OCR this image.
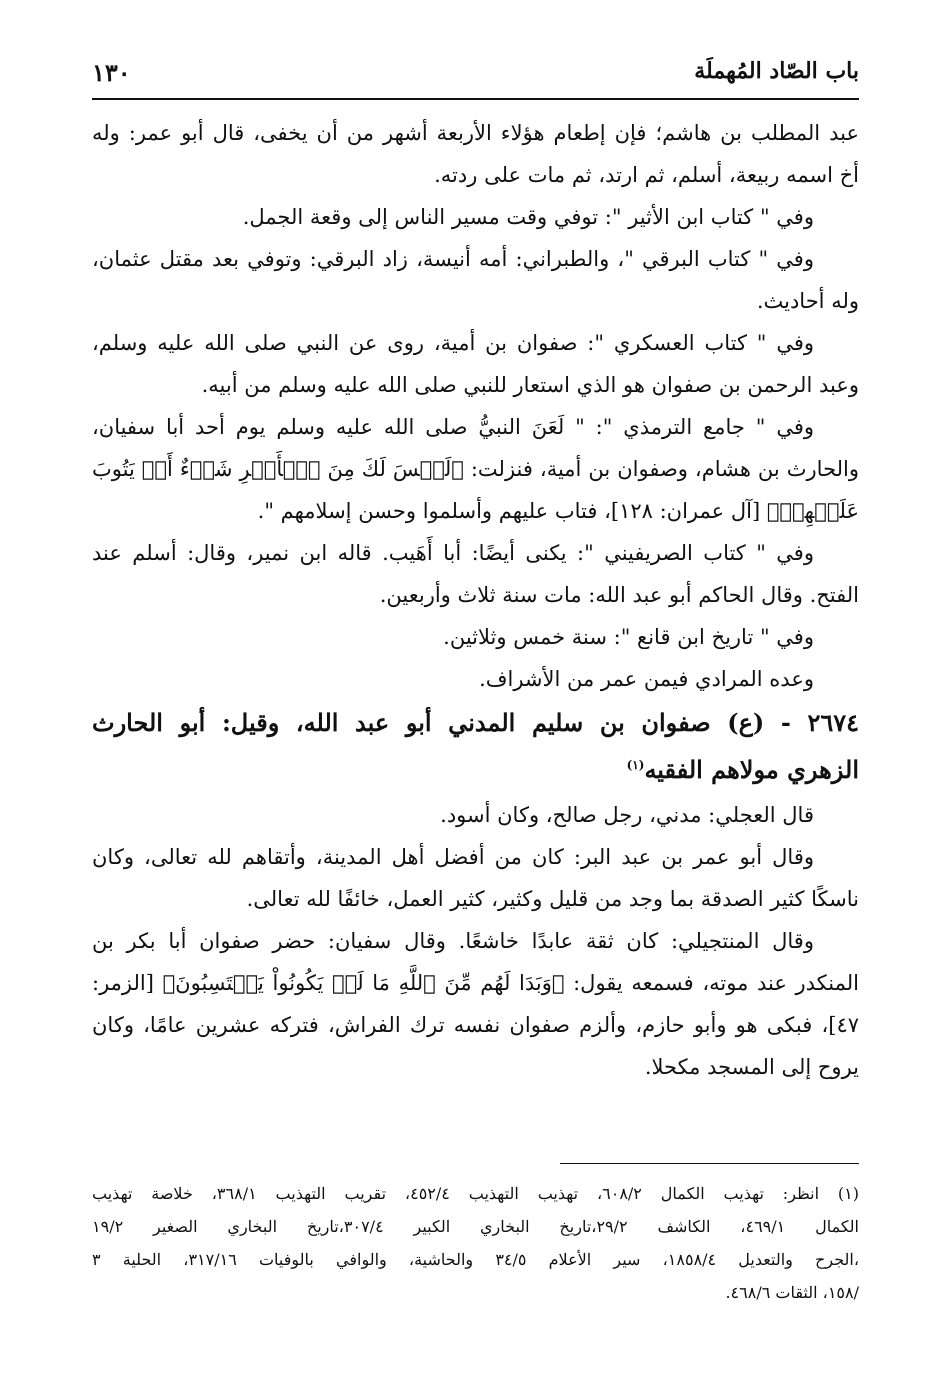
باب الصّاد المُهملَة
١٣٠
عبد المطلب بن هاشم؛ فإن إطعام هؤلاء الأربعة أشهر من أن يخفى، قال أبو عمر: وله
أخ اسمه ربيعة، أسلم، ثم ارتد، ثم مات على ردته.
وفي " كتاب ابن الأثير ": توفي وقت مسير الناس إلى وقعة الجمل.
وفي " كتاب البرقي "، والطبراني: أمه أنيسة، زاد البرقي: وتوفي بعد مقتل عثمان،
وله أحاديث.
وفي " كتاب العسكري ": صفوان بن أمية، روى عن النبي صلى الله عليه وسلم،
وعبد الرحمن بن صفوان هو الذي استعار للنبي صلى الله عليه وسلم من أبيه.
وفي " جامع الترمذي ": " لَعَنَ النبيُّ صلى الله عليه وسلم يوم أحد أبا سفيان،
والحارث بن هشام، وصفوان بن أمية، فنزلت: ﴿لَيۡسَ لَكَ مِنَ ٱلۡأَمۡرِ شَيۡءٌ أَوۡ يَتُوبَ
عَلَيۡهِمۡ﴾ [آل عمران: ١٢٨]، فتاب عليهم وأسلموا وحسن إسلامهم ".
وفي " كتاب الصريفيني ": يكنى أيضًا: أبا أَهَيب. قاله ابن نمير، وقال: أسلم عند
الفتح. وقال الحاكم أبو عبد الله: مات سنة ثلاث وأربعين.
وفي " تاريخ ابن قانع ": سنة خمس وثلاثين.
وعده المرادي فيمن عمر من الأشراف.
٢٦٧٤ - (ع) صفوان بن سليم المدني أبو عبد الله، وقيل: أبو الحارث
الزهري مولاهم الفقيه$^{(١)}$
قال العجلي: مدني، رجل صالح، وكان أسود.
وقال أبو عمر بن عبد البر: كان من أفضل أهل المدينة، وأتقاهم لله تعالى، وكان
ناسكًا كثير الصدقة بما وجد من قليل وكثير، كثير العمل، خائفًا لله تعالى.
وقال المنتجيلي: كان ثقة عابدًا خاشعًا. وقال سفيان: حضر صفوان أبا بكر بن
المنكدر عند موته، فسمعه يقول: ﴿وَبَدَا لَهُم مِّنَ ٱللَّهِ مَا لَمۡ يَكُونُواْ يَحۡتَسِبُونَ﴾ [الزمر:
٤٧]، فبكى هو وأبو حازم، وألزم صفوان نفسه ترك الفراش، فتركه عشرين عامًا، وكان
يروح إلى المسجد مكحلا.
(١) انظر: تهذيب الكمال ٦٠٨/٢، تهذيب التهذيب ٤٥٢/٤، تقريب التهذيب ٣٦٨/١، خلاصة تهذيب
الكمال ٤٦٩/١، الكاشف ٢٩/٢،تاريخ البخاري الكبير ٣٠٧/٤،تاريخ البخاري الصغير ١٩/٢
،الجرح والتعديل ١٨٥٨/٤، سير الأعلام ٣٤/٥ والحاشية، والوافي بالوفيات ٣١٧/١٦، الحلية ٣
/١٥٨، الثقات ٤٦٨/٦.
